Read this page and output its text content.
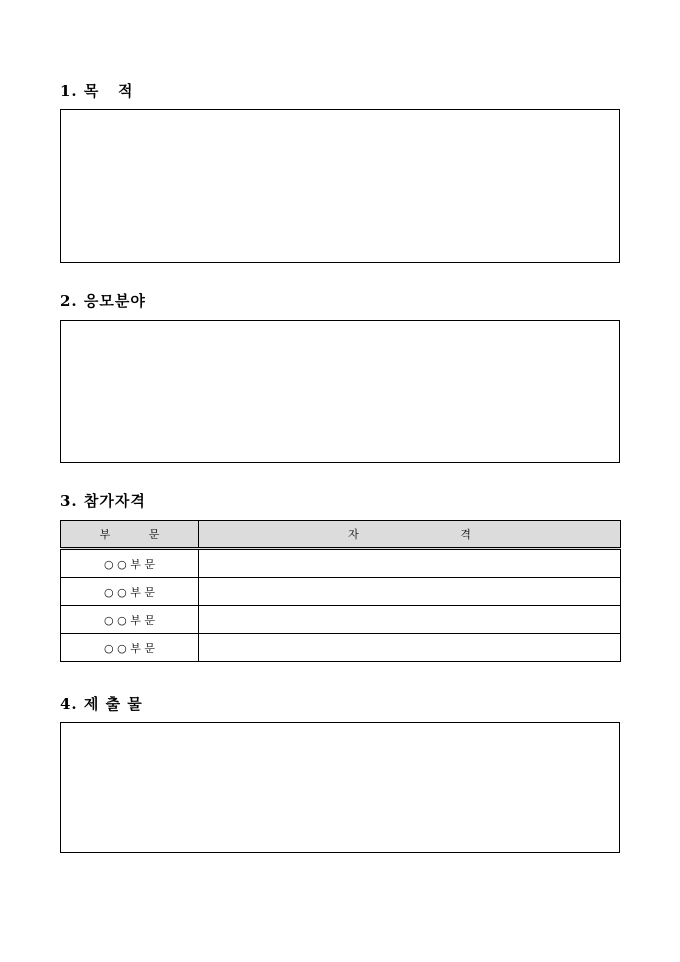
1. 목   적
2. 응모분야
3. 참가자격
부           문	자                             격
○ ○ 부 문	
○ ○ 부 문	
○ ○ 부 문	
○ ○ 부 문	
4. 제 출 물
